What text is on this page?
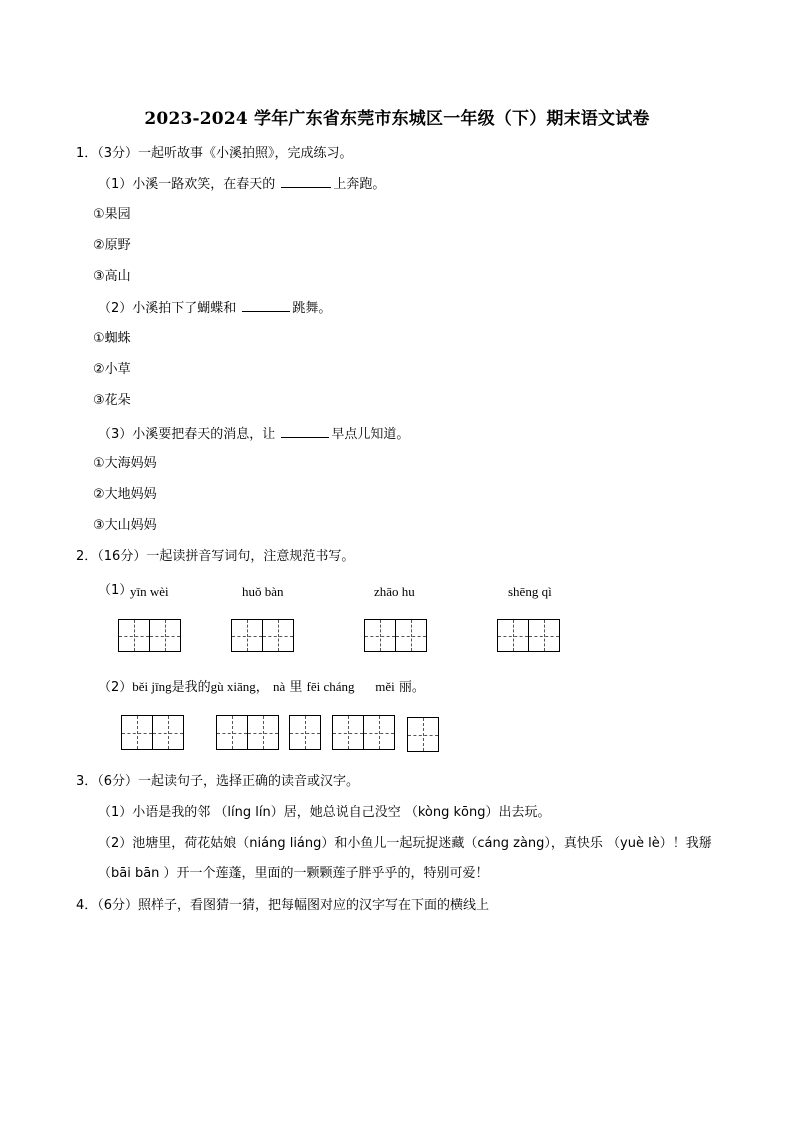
2023-2024 学年广东省东莞市东城区一年级（下）期末语文试卷
1．（3分）一起听故事《小溪拍照》，完成练习。
（1）小溪一路欢笑，在春天的	上奔跑。
①果园
②原野
③高山
（2）小溪拍下了蝴蝶和	跳舞。
①蜘蛛
②小草
③花朵
（3）小溪要把春天的消息，让	早点儿知道。
①大海妈妈
②大地妈妈
③大山妈妈
2．（16分）一起读拼音写词句，注意规范书写。
（1）
yīn wèi	huǒ bàn	zhāo hu	shēng qì
（2）běi jīng是我的gù xiāng， nà 里 fēi cháng měi 丽。
3．（6分）一起读句子，选择正确的读音或汉字。
（1）小语是我的邻 （líng lín）居，她总说自己没空 （kòng kōng）出去玩。
（2）池塘里，荷花姑娘（niáng liáng）和小鱼儿一起玩捉迷藏（cáng zàng），真快乐 （yuè lè）！我掰
（bāi bān ）开一个莲蓬，里面的一颗颗莲子胖乎乎的，特别可爱！
4．（6分）照样子，看图猜一猜，把每幅图对应的汉字写在下面的横线上
